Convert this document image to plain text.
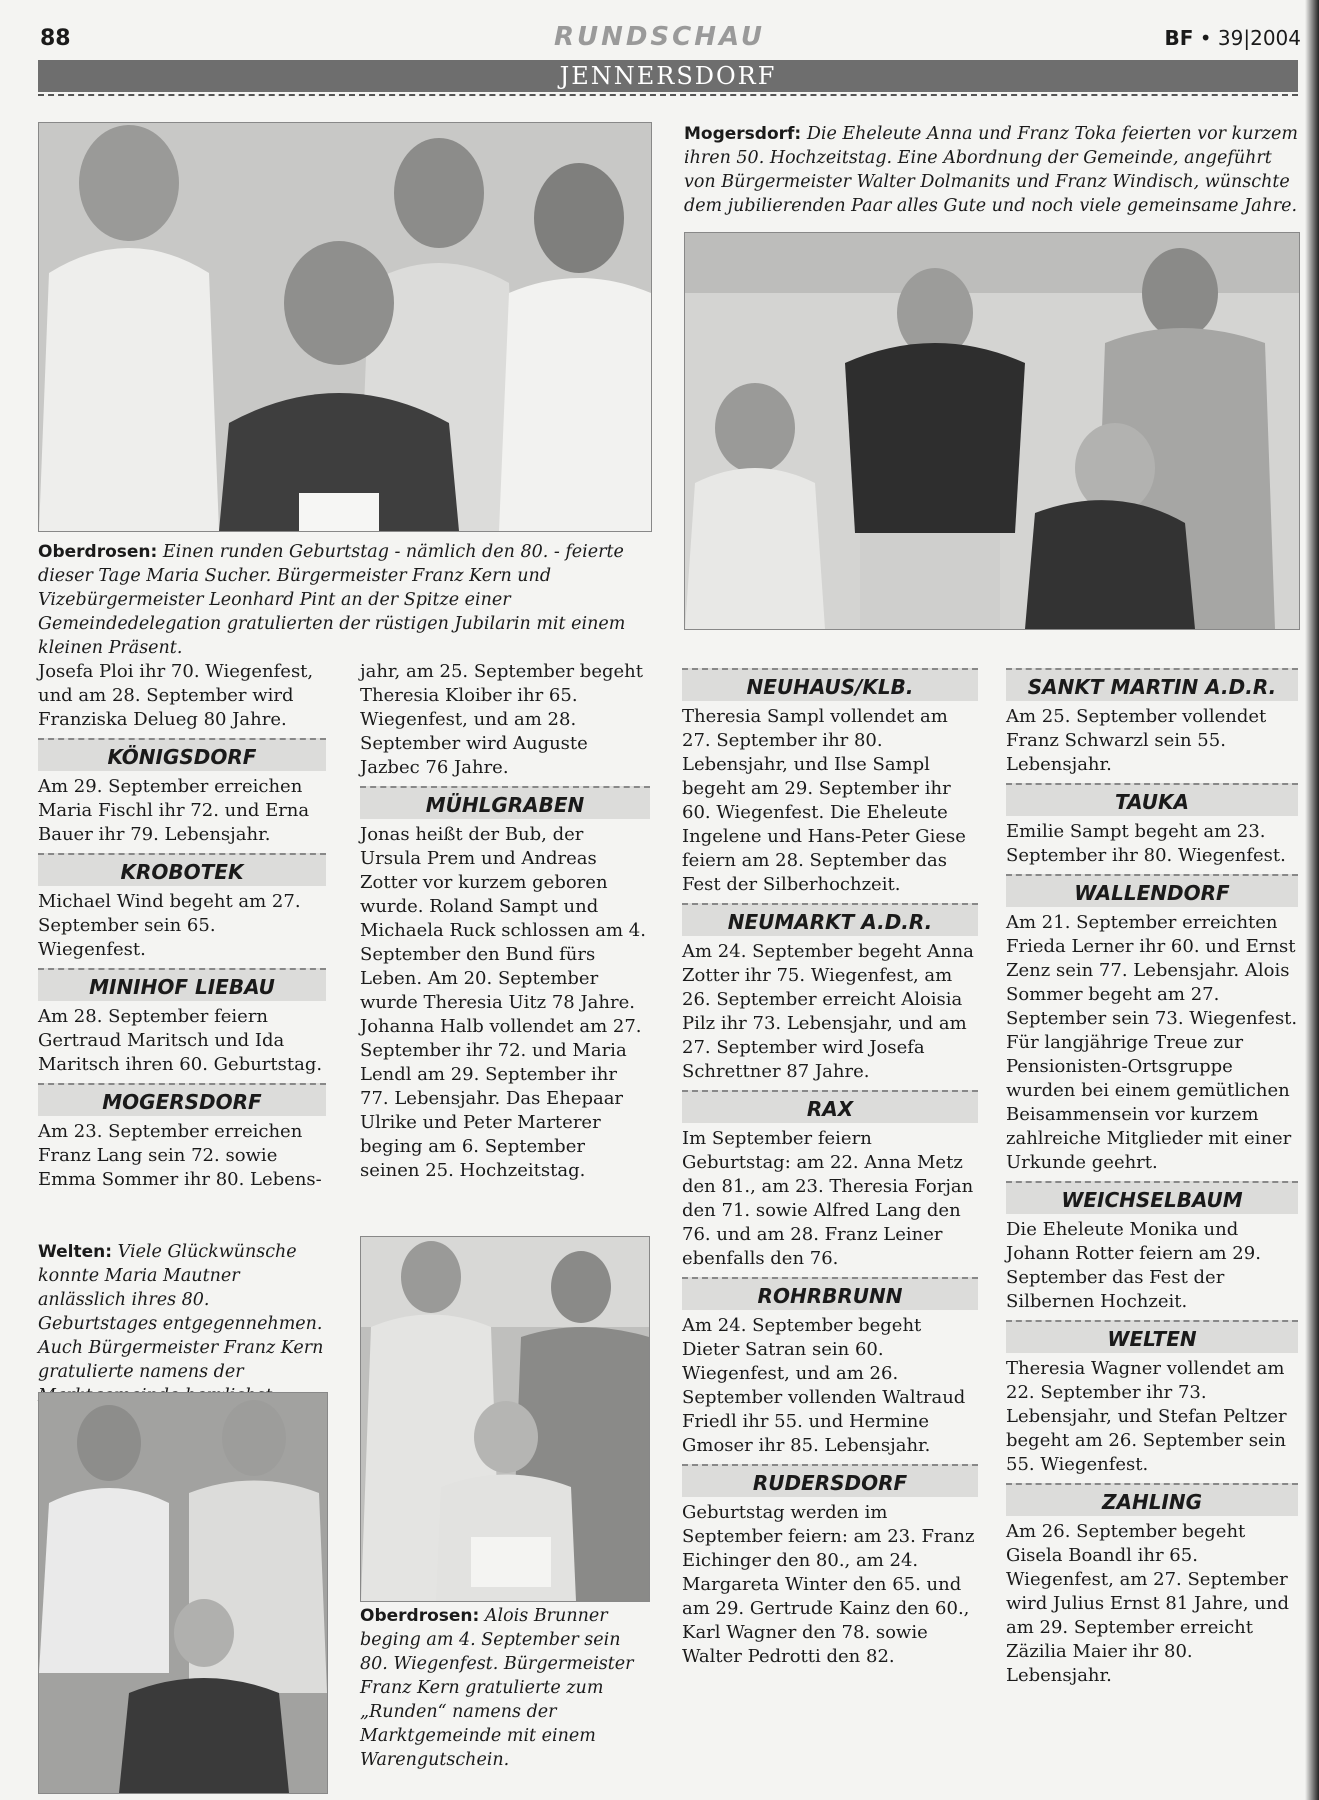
88	RUNDSCHAU	BF • 39|2004
JENNERSDORF
Oberdrosen: Einen runden Geburtstag - nämlich den 80. - feierte dieser Tage Maria Sucher. Bürgermeister Franz Kern und Vizebürgermeister Leonhard Pint an der Spitze einer Gemeindedelegation gratulierten der rüstigen Jubilarin mit einem kleinen Präsent.
Mogersdorf: Die Eheleute Anna und Franz Toka feierten vor kurzem ihren 50. Hochzeitstag. Eine Abordnung der Gemeinde, angeführt von Bürgermeister Walter Dolmanits und Franz Windisch, wünschte dem jubilierenden Paar alles Gute und noch viele gemeinsame Jahre.

Josefa Ploi ihr 70. Wiegenfest, und am 28. September wird Franziska Delueg 80 Jahre.

KÖNIGSDORF

Am 29. September erreichen Maria Fischl ihr 72. und Erna Bauer ihr 79. Lebensjahr.

KROBOTEK

Michael Wind begeht am 27. September sein 65. Wiegenfest.

MINIHOF LIEBAU

Am 28. September feiern Gertraud Maritsch und Ida Maritsch ihren 60. Geburtstag.

MOGERSDORF

Am 23. September erreichen Franz Lang sein 72. sowie Emma Sommer ihr 80. Lebens-

Welten: Viele Glückwünsche konnte Maria Mautner anlässlich ihres 80. Geburtstages entgegennehmen. Auch Bürgermeister Franz Kern gratulierte namens der

jahr, am 25. September begeht Theresia Kloiber ihr 65. Wiegenfest, und am 28. September wird Auguste Jazbec 76 Jahre.

MÜHLGRABEN

Jonas heißt der Bub, der Ursula Prem und Andreas Zotter vor kurzem geboren wurde. Roland Sampt und Michaela Ruck schlossen am 4. September den Bund fürs Leben. Am 20. September wurde Theresia Uitz 78 Jahre. Johanna Halb vollendet am 27. September ihr 72. und Maria Lendl am 29. September ihr 77. Lebensjahr. Das Ehepaar Ulrike und Peter Marterer beging am 6. September seinen 25. Hochzeitstag.

Oberdrosen: Alois Brunner beging am 4. September sein 80. Wiegenfest. Bürgermeister Franz Kern gratulierte zum „Runden“ namens der Marktgemeinde mit einem Warengutschein.
NEUHAUS/KLB.

Theresia Sampl vollendet am 27. September ihr 80. Lebensjahr, und Ilse Sampl begeht am 29. September ihr 60. Wiegenfest. Die Eheleute Ingelene und Hans-Peter Giese feiern am 28. September das Fest der Silberhochzeit.

NEUMARKT A.D.R.

Am 24. September begeht Anna Zotter ihr 75. Wiegenfest, am 26. September erreicht Aloisia Pilz ihr 73. Lebensjahr, und am 27. September wird Josefa Schrettner 87 Jahre.

RAX

Im September feiern Geburtstag: am 22. Anna Metz den 81., am 23. Theresia Forjan den 71. sowie Alfred Lang den 76. und am 28. Franz Leiner ebenfalls den 76.

ROHRBRUNN

Am 24. September begeht Dieter Satran sein 60. Wiegenfest, und am 26. September vollenden Waltraud Friedl ihr 55. und Hermine Gmoser ihr 85. Lebensjahr.

RUDERSDORF

Geburtstag werden im September feiern: am 23. Franz Eichinger den 80., am 24. Margareta Winter den 65. und am 29. Gertrude Kainz den 60., Karl Wagner den 78. sowie Walter Pedrotti den 82.

SANKT MARTIN A.D.R.

Am 25. September vollendet Franz Schwarzl sein 55. Lebensjahr.

TAUKA

Emilie Sampt begeht am 23. September ihr 80. Wiegenfest.

WALLENDORF

Am 21. September erreichten Frieda Lerner ihr 60. und Ernst Zenz sein 77. Lebensjahr. Alois Sommer begeht am 27. September sein 73. Wiegenfest. Für langjährige Treue zur Pensionisten-Ortsgruppe wurden bei einem gemütlichen Beisammensein vor kurzem zahlreiche Mitglieder mit einer Urkunde geehrt.

WEICHSELBAUM

Die Eheleute Monika und Johann Rotter feiern am 29. September das Fest der Silbernen Hochzeit.

WELTEN

Theresia Wagner vollendet am 22. September ihr 73. Lebensjahr, und Stefan Peltzer begeht am 26. September sein 55. Wiegenfest.

ZAHLING

Am 26. September begeht Gisela Boandl ihr 65. Wiegenfest, am 27. September wird Julius Ernst 81 Jahre, und am 29. September erreicht Zäzilia Maier ihr 80. Lebensjahr.
